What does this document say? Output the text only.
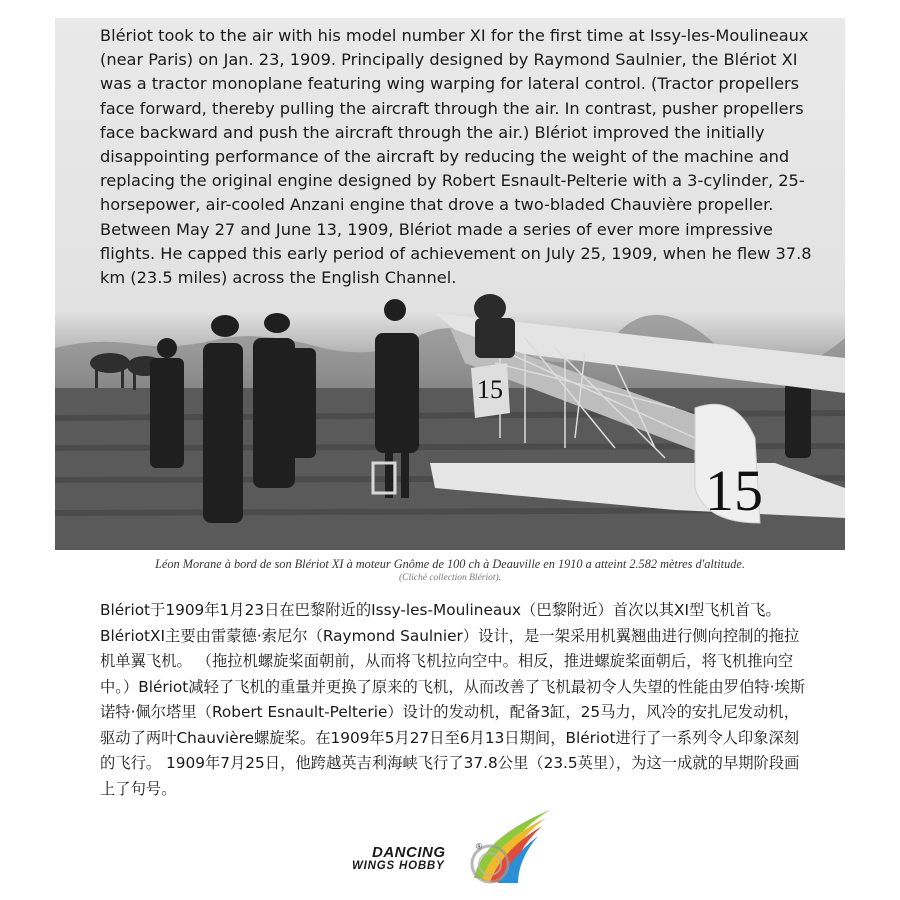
15
15

Blériot took to the air with his model number XI for the first time at Issy-les-Moulineaux (near Paris) on Jan. 23, 1909. Principally designed by Raymond Saulnier, the Blériot XI was a tractor monoplane featuring wing warping for lateral control. (Tractor propellers face forward, thereby pulling the aircraft through the air. In contrast, pusher propellers face backward and push the aircraft through the air.) Blériot improved the initially disappointing performance of the aircraft by reducing the weight of the machine and replacing the original engine designed by Robert Esnault-Pelterie with a 3-cylinder, 25-horsepower, air-cooled Anzani engine that drove a two-bladed Chauvière propeller. Between May 27 and June 13, 1909, Blériot made a series of ever more impressive flights. He capped this early period of achievement on July 25, 1909, when he flew 37.8 km (23.5 miles) across the English Channel.

Léon Morane à bord de son Blériot XI à moteur Gnôme de 100 ch à Deauville en 1910 a atteint 2.582 mètres d'altitude.
(Cliché collection Blériot).

Blériot于1909年1月23日在巴黎附近的Issy-les-Moulineaux（巴黎附近）首次以其XI型飞机首飞。BlériotXI主要由雷蒙德·索尼尔（Raymond Saulnier）设计，是一架采用机翼翘曲进行侧向控制的拖拉机单翼飞机。 （拖拉机螺旋桨面朝前，从而将飞机拉向空中。相反，推进螺旋桨面朝后，将飞机推向空中。）Blériot减轻了飞机的重量并更换了原来的飞机，从而改善了飞机最初令人失望的性能由罗伯特·埃斯诺特·佩尔塔里（Robert Esnault-Pelterie）设计的发动机，配备3缸，25马力，风冷的安扎尼发动机，驱动了两叶Chauvière螺旋桨。在1909年5月27日至6月13日期间，Blériot进行了一系列令人印象深刻的飞行。 1909年7月25日，他跨越英吉利海峡飞行了37.8公里（23.5英里），为这一成就的早期阶段画上了句号。

DANCING	®
WINGS HOBBY
